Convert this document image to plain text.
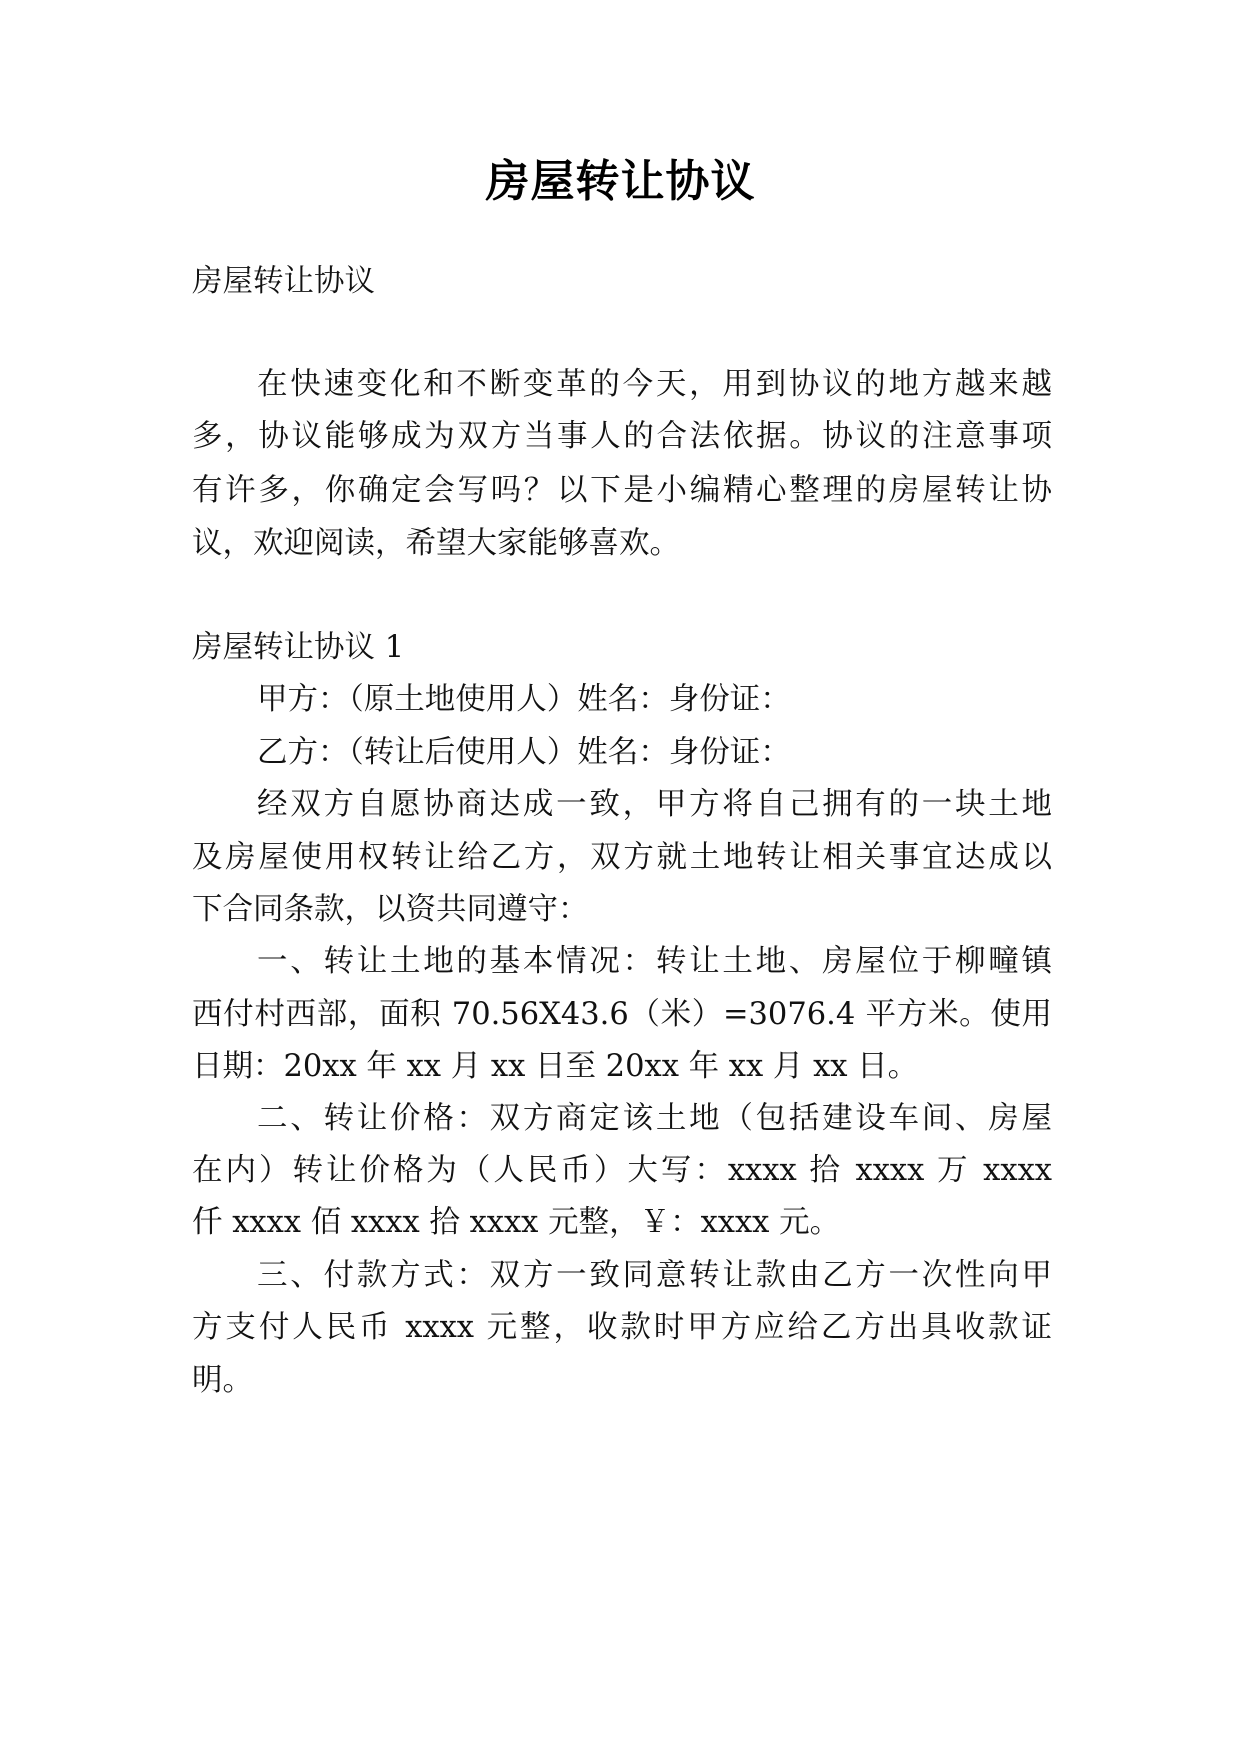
房屋转让协议
房屋转让协议
在快速变化和不断变革的今天，用到协议的地方越来越
多，协议能够成为双方当事人的合法依据。协议的注意事项
有许多，你确定会写吗？以下是小编精心整理的房屋转让协
议，欢迎阅读，希望大家能够喜欢。
房屋转让协议 1
甲方：（原土地使用人）姓名：身份证：
乙方：（转让后使用人）姓名：身份证：
经双方自愿协商达成一致，甲方将自己拥有的一块土地
及房屋使用权转让给乙方，双方就土地转让相关事宜达成以
下合同条款，以资共同遵守：
一、转让土地的基本情况：转让土地、房屋位于柳疃镇
西付村西部，面积 70.56X43.6（米）=3076.4 平方米。使用
日期：20xx 年 xx 月 xx 日至 20xx 年 xx 月 xx 日。
二、转让价格：双方商定该土地（包括建设车间、房屋
在内）转让价格为（人民币）大写：xxxx 拾 xxxx 万 xxxx
仟 xxxx 佰 xxxx 拾 xxxx 元整，￥：xxxx 元。
三、付款方式：双方一致同意转让款由乙方一次性向甲
方支付人民币 xxxx 元整，收款时甲方应给乙方出具收款证
明。
